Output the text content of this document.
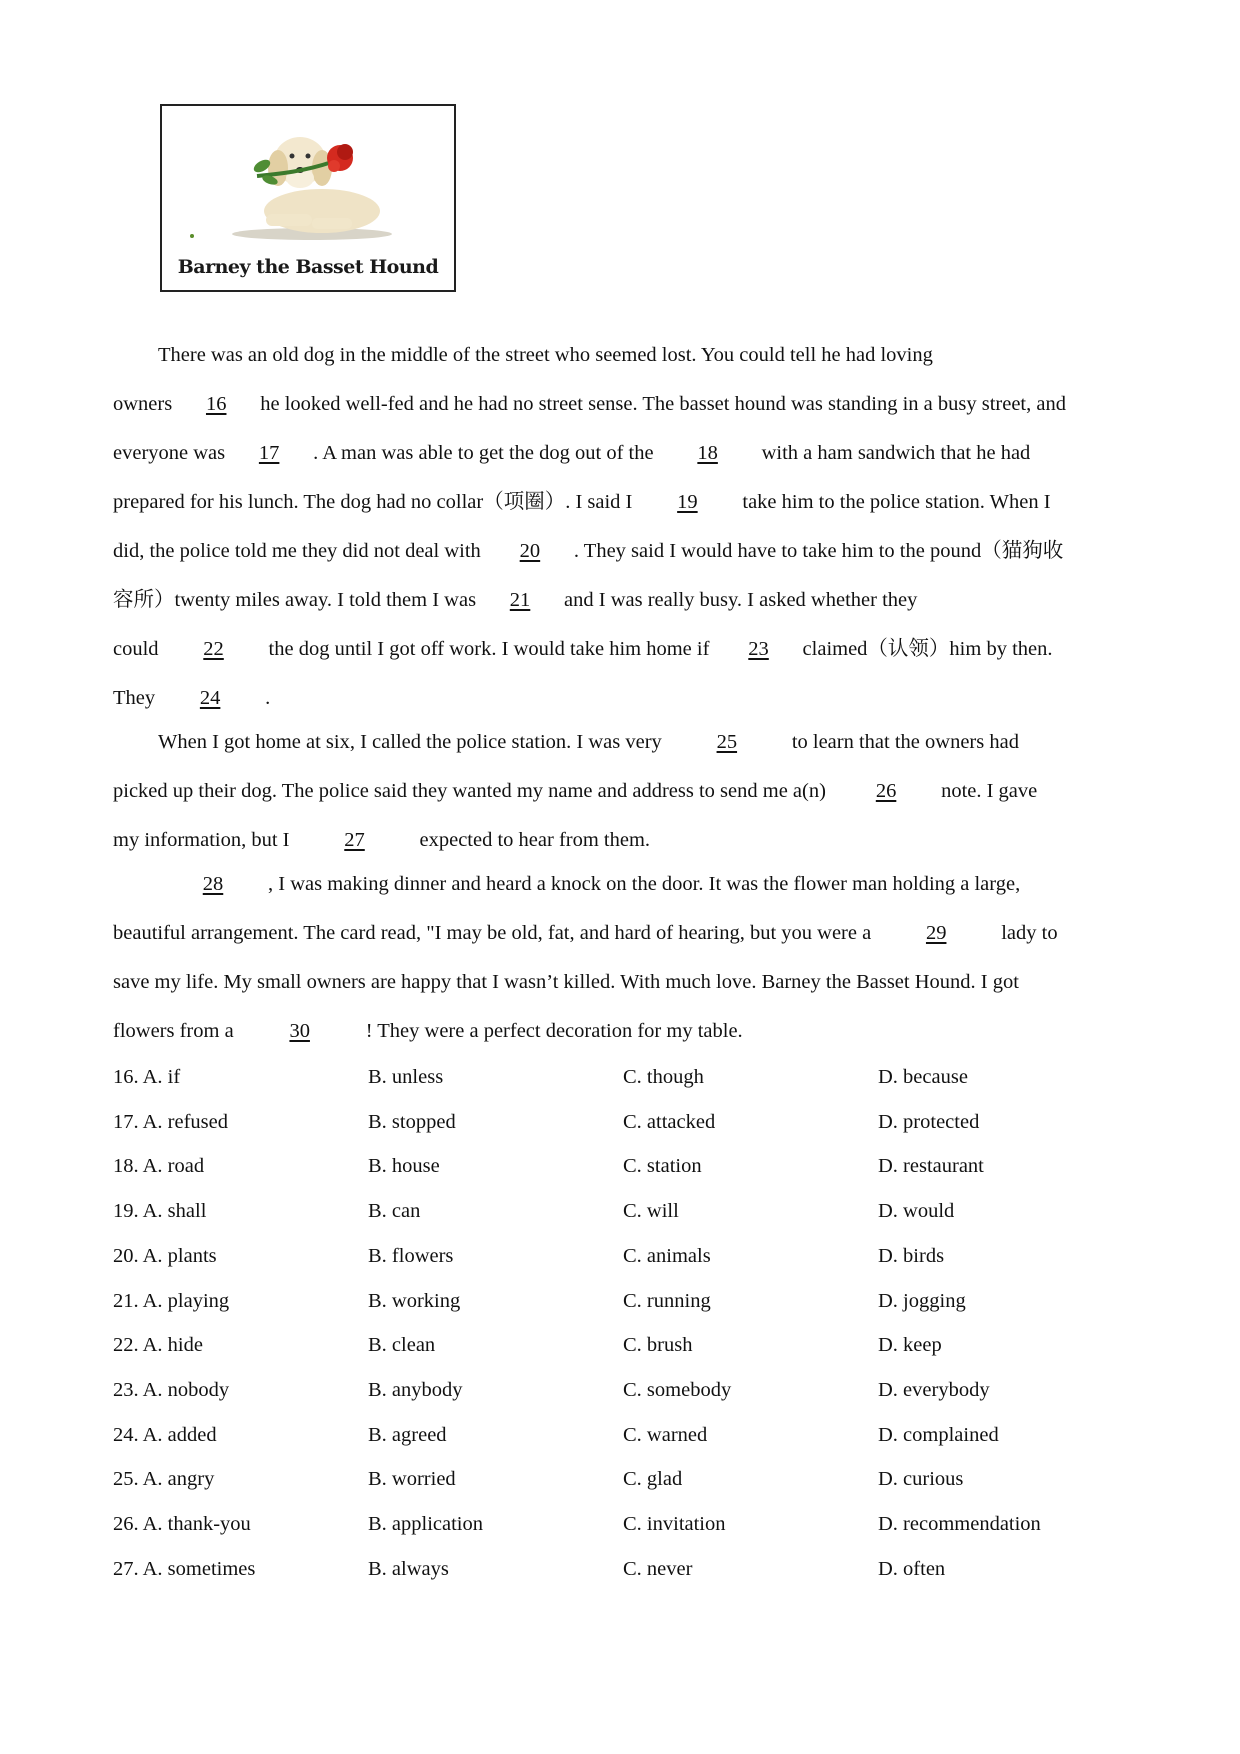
Barney the Basset Hound
There was an old dog in the middle of the street who seemed lost. You could tell he had loving
owners 16 he looked well-fed and he had no street sense. The basset hound was standing in a busy street, and
everyone was 17 . A man was able to get the dog out of the 18 with a ham sandwich that he had
prepared for his lunch. The dog had no collar（项圈）. I said I 19 take him to the police station. When I
did, the police told me they did not deal with 20 . They said I would have to take him to the pound（猫狗收
容所）twenty miles away. I told them I was 21 and I was really busy. I asked whether they
could 22 the dog until I got off work. I would take him home if 23 claimed（认领）him by then.
They 24 .
When I got home at six, I called the police station. I was very	25	to learn that the owners had
picked up their dog. The police said they wanted my name and address to send me a(n) 26 note. I gave
my information, but I	27	expected to hear from them.
28 , I was making dinner and heard a knock on the door. It was the flower man holding a large,
beautiful arrangement. The card read, "I may be old, fat, and hard of hearing, but you were a	29	lady to
save my life. My small owners are happy that I wasn’t killed. With much love. Barney the Basset Hound. I got
flowers from a	30	! They were a perfect decoration for my table.
16. A. if	B. unless	C. though	D. because
17. A. refused	B. stopped	C. attacked	D. protected
18. A. road	B. house	C. station	D. restaurant
19. A. shall	B. can	C. will	D. would
20. A. plants	B. flowers	C. animals	D. birds
21. A. playing	B. working	C. running	D. jogging
22. A. hide	B. clean	C. brush	D. keep
23. A. nobody	B. anybody	C. somebody	D. everybody
24. A. added	B. agreed	C. warned	D. complained
25. A. angry	B. worried	C. glad	D. curious
26. A. thank-you	B. application	C. invitation	D. recommendation
27. A. sometimes	B. always	C. never	D. often
